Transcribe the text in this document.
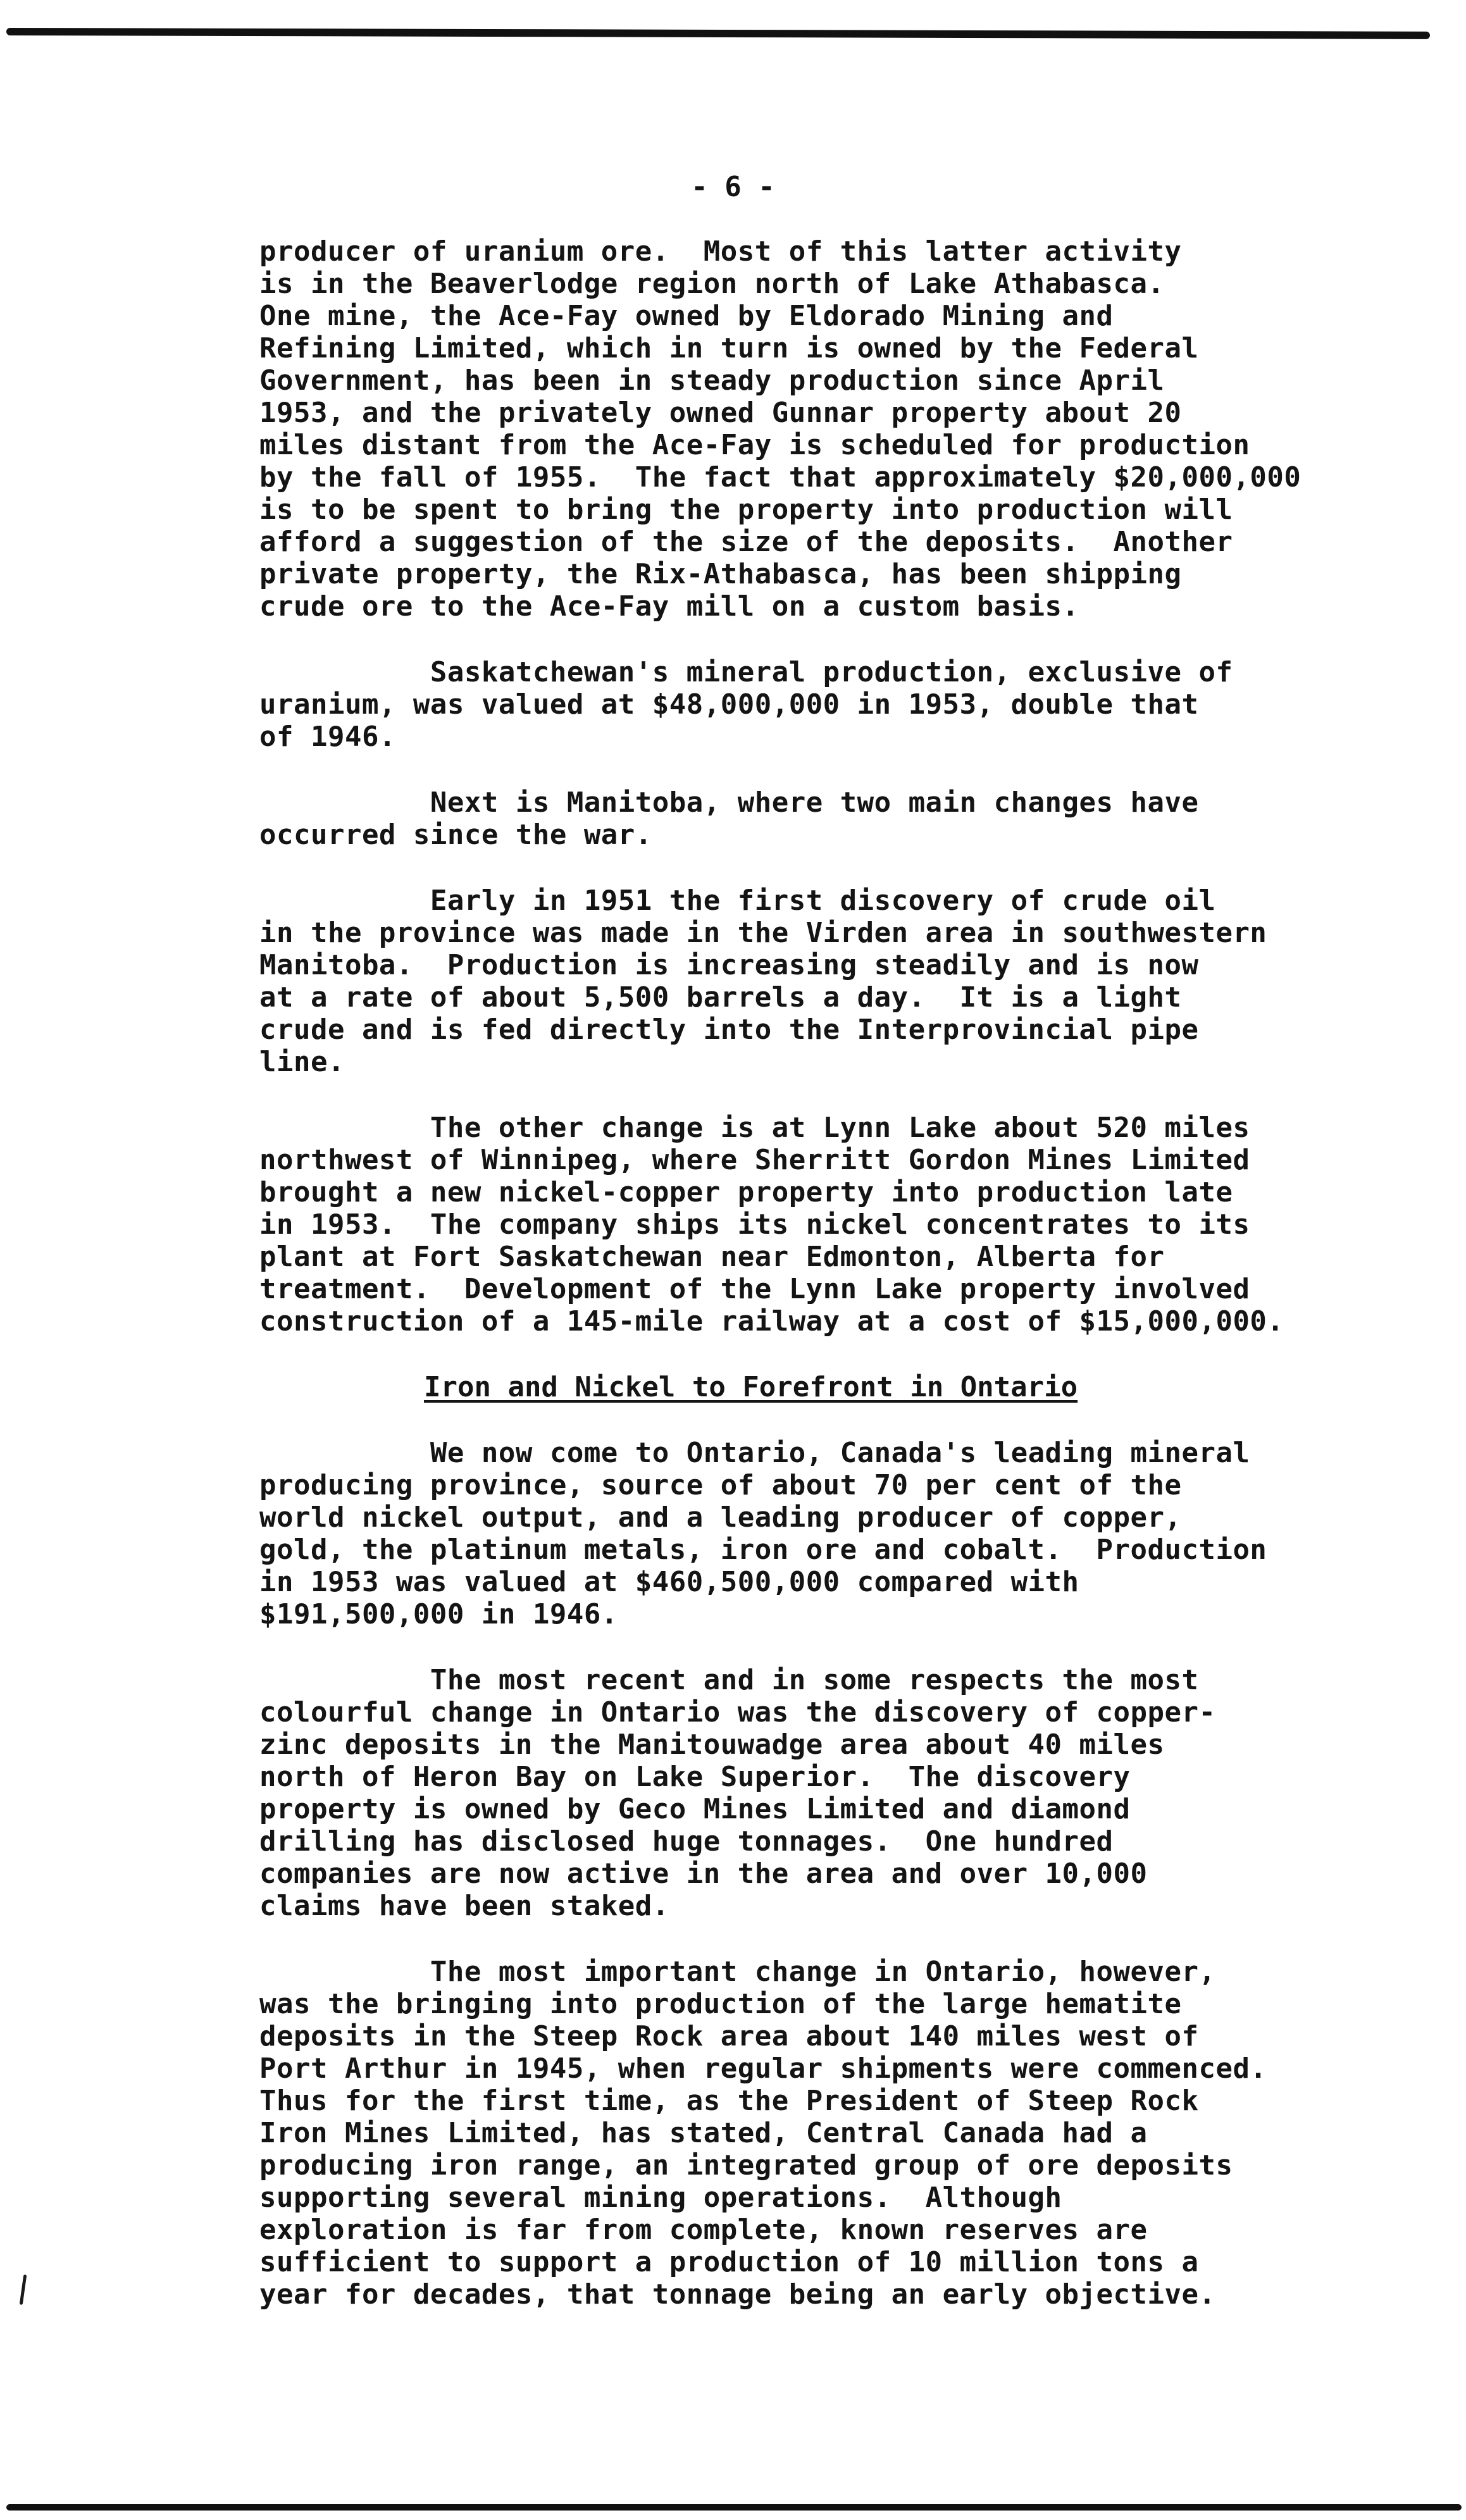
- 6 -

producer of uranium ore.  Most of this latter activity
is in the Beaverlodge region north of Lake Athabasca.
One mine, the Ace-Fay owned by Eldorado Mining and
Refining Limited, which in turn is owned by the Federal
Government, has been in steady production since April
1953, and the privately owned Gunnar property about 20
miles distant from the Ace-Fay is scheduled for production
by the fall of 1955.  The fact that approximately $20,000,000
is to be spent to bring the property into production will
afford a suggestion of the size of the deposits.  Another
private property, the Rix-Athabasca, has been shipping
crude ore to the Ace-Fay mill on a custom basis.

Saskatchewan's mineral production, exclusive of
uranium, was valued at $48,000,000 in 1953, double that
of 1946.

Next is Manitoba, where two main changes have
occurred since the war.

Early in 1951 the first discovery of crude oil
in the province was made in the Virden area in southwestern
Manitoba.  Production is increasing steadily and is now
at a rate of about 5,500 barrels a day.  It is a light
crude and is fed directly into the Interprovincial pipe
line.

The other change is at Lynn Lake about 520 miles
northwest of Winnipeg, where Sherritt Gordon Mines Limited
brought a new nickel-copper property into production late
in 1953.  The company ships its nickel concentrates to its
plant at Fort Saskatchewan near Edmonton, Alberta for
treatment.  Development of the Lynn Lake property involved
construction of a 145-mile railway at a cost of $15,000,000.

Iron and Nickel to Forefront in Ontario

We now come to Ontario, Canada's leading mineral
producing province, source of about 70 per cent of the
world nickel output, and a leading producer of copper,
gold, the platinum metals, iron ore and cobalt.  Production
in 1953 was valued at $460,500,000 compared with
$191,500,000 in 1946.

The most recent and in some respects the most
colourful change in Ontario was the discovery of copper-
zinc deposits in the Manitouwadge area about 40 miles
north of Heron Bay on Lake Superior.  The discovery
property is owned by Geco Mines Limited and diamond
drilling has disclosed huge tonnages.  One hundred
companies are now active in the area and over 10,000
claims have been staked.

The most important change in Ontario, however,
was the bringing into production of the large hematite
deposits in the Steep Rock area about 140 miles west of
Port Arthur in 1945, when regular shipments were commenced.
Thus for the first time, as the President of Steep Rock
Iron Mines Limited, has stated, Central Canada had a
producing iron range, an integrated group of ore deposits
supporting several mining operations.  Although
exploration is far from complete, known reserves are
sufficient to support a production of 10 million tons a
year for decades, that tonnage being an early objective.
